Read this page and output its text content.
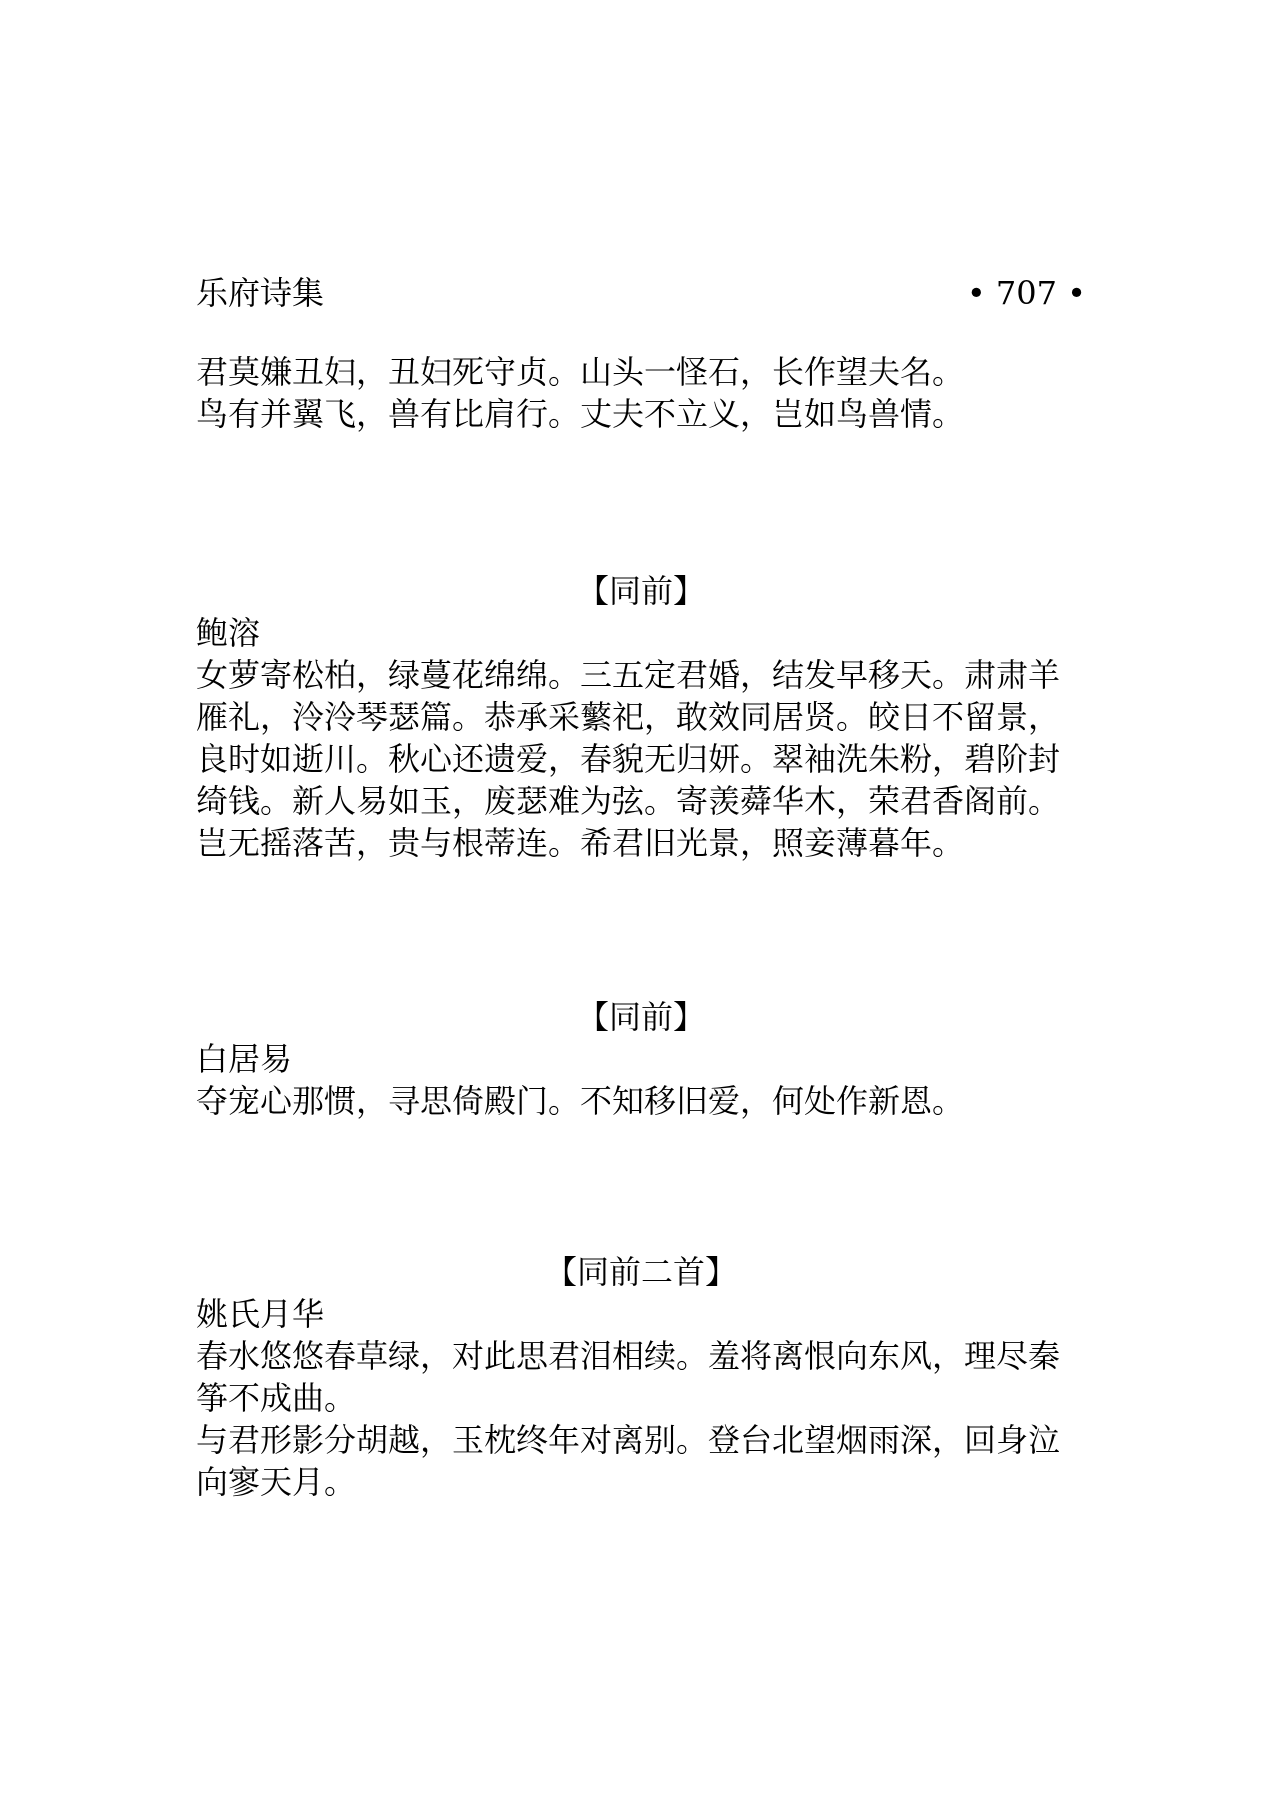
乐府诗集	• 707 •
君莫嫌丑妇，丑妇死守贞。山头一怪石，长作望夫名。
鸟有并翼飞，兽有比肩行。丈夫不立义，岂如鸟兽情。
【同前】
鲍溶
女萝寄松柏，绿蔓花绵绵。三五定君婚，结发早移天。肃肃羊
雁礼，泠泠琴瑟篇。恭承采蘩祀，敢效同居贤。皎日不留景，
良时如逝川。秋心还遗爱，春貌无归妍。翠袖洗朱粉，碧阶封
绮钱。新人易如玉，废瑟难为弦。寄羡蕣华木，荣君香阁前。
岂无摇落苦，贵与根蒂连。希君旧光景，照妾薄暮年。
【同前】
白居易
夺宠心那惯，寻思倚殿门。不知移旧爱，何处作新恩。
【同前二首】
姚氏月华
春水悠悠春草绿，对此思君泪相续。羞将离恨向东风，理尽秦
筝不成曲。
与君形影分胡越，玉枕终年对离别。登台北望烟雨深，回身泣
向寥天月。
